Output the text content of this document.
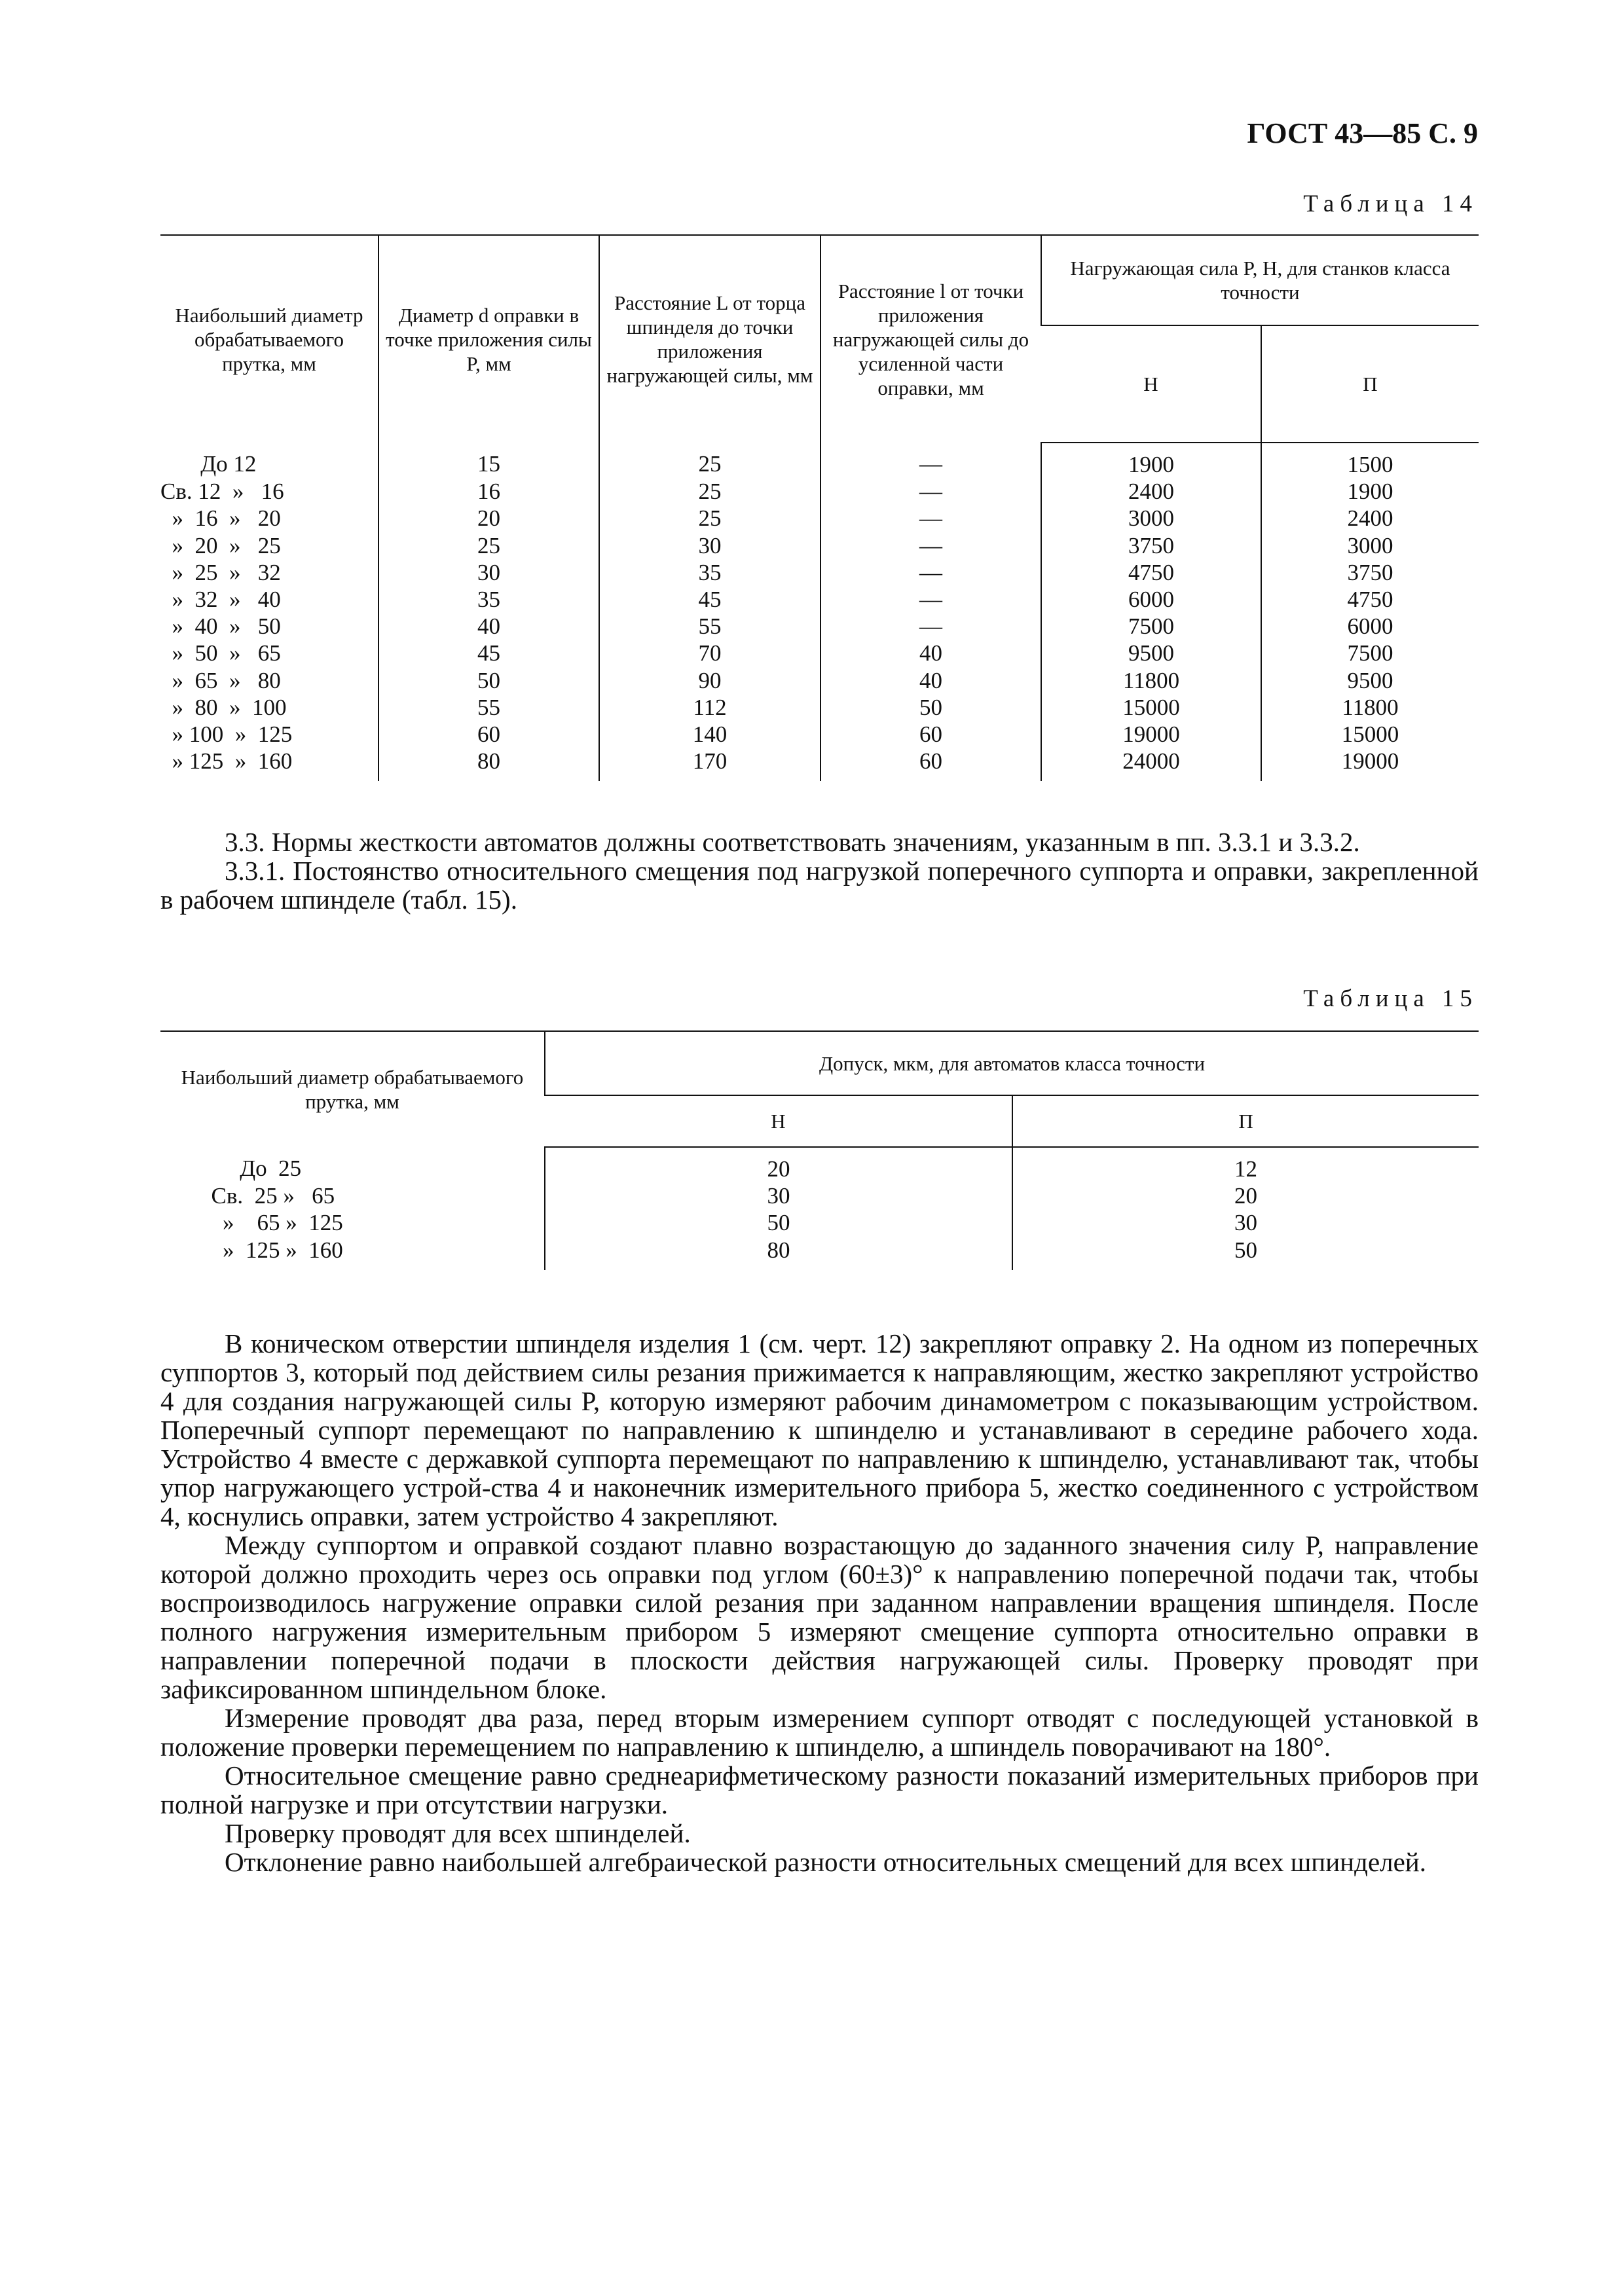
ГОСТ 43—85 С. 9
Таблица 14
Наибольший диаметр обрабатываемого прутка, мм	Диаметр d оправки в точке приложения силы P, мм	Расстояние L от торца шпинделя до точки приложения нагружающей силы, мм	Расстояние l от точки приложения нагружающей силы до усиленной части оправки, мм	Нагружающая сила P, Н, для станков класса точности	
				Н	П
До 12	15	25	—	1900	1500
Св. 12  »   16	16	25	—	2400	1900
»  16  »   20	20	25	—	3000	2400
»  20  »   25	25	30	—	3750	3000
»  25  »   32	30	35	—	4750	3750
»  32  »   40	35	45	—	6000	4750
»  40  »   50	40	55	—	7500	6000
»  50  »   65	45	70	40	9500	7500
»  65  »   80	50	90	40	11800	9500
»  80  »  100	55	112	50	15000	11800
» 100  »  125	60	140	60	19000	15000
» 125  »  160	80	170	60	24000	19000

3.3. Нормы жесткости автоматов должны соответствовать значениям, указанным в пп. 3.3.1 и 3.3.2.

3.3.1. Постоянство относительного смещения под нагрузкой поперечного суппорта и оправки, закрепленной в рабочем шпинделе (табл. 15).

Таблица 15
Наибольший диаметр обрабатываемого прутка, мм	Допуск, мкм, для автоматов класса точности	
	Н	П
До  25	20	12
Св.  25 »   65	30	20
»    65 »  125	50	30
»  125 »  160	80	50

В коническом отверстии шпинделя изделия 1 (см. черт. 12) закрепляют оправку 2. На одном из поперечных суппортов 3, который под действием силы резания прижимается к направляющим, жестко закрепляют устройство 4 для создания нагружающей силы P, которую измеряют рабочим динамометром с показывающим устройством. Поперечный суппорт перемещают по направлению к шпинделю и устанавливают в середине рабочего хода. Устройство 4 вместе с державкой суппорта перемещают по направлению к шпинделю, устанавливают так, чтобы упор нагружающего устрой-ства 4 и наконечник измерительного прибора 5, жестко соединенного с устройством 4, коснулись оправки, затем устройство 4 закрепляют.

Между суппортом и оправкой создают плавно возрастающую до заданного значения силу P, направление которой должно проходить через ось оправки под углом (60±3)° к направлению поперечной подачи так, чтобы воспроизводилось нагружение оправки силой резания при заданном направлении вращения шпинделя. После полного нагружения измерительным прибором 5 измеряют смещение суппорта относительно оправки в направлении поперечной подачи в плоскости действия нагружающей силы. Проверку проводят при зафиксированном шпиндельном блоке.

Измерение проводят два раза, перед вторым измерением суппорт отводят с последующей установкой в положение проверки перемещением по направлению к шпинделю, а шпиндель поворачивают на 180°.

Относительное смещение равно среднеарифметическому разности показаний измерительных приборов при полной нагрузке и при отсутствии нагрузки.

Проверку проводят для всех шпинделей.

Отклонение равно наибольшей алгебраической разности относительных смещений для всех шпинделей.
